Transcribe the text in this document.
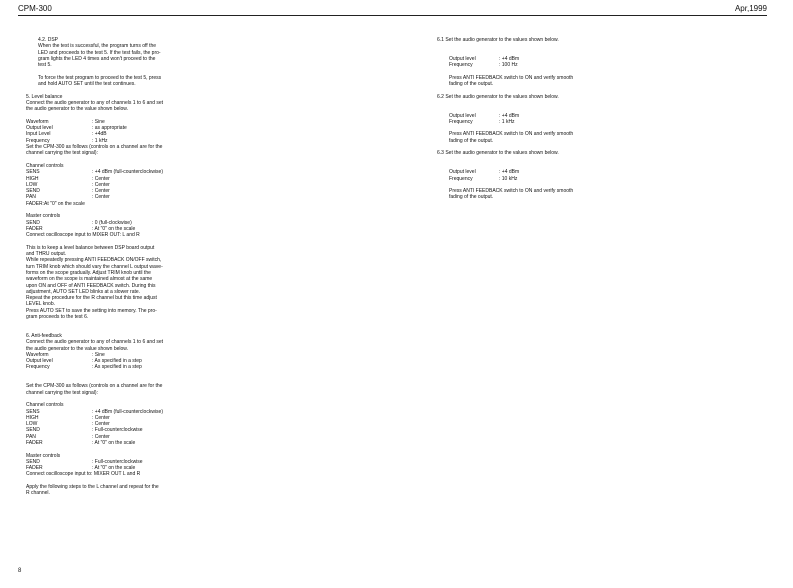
CPM-300	Apr,1999
4.2. DSP
When the test is successful, the program turns off the
LED and proceeds to the test 5. If the test fails, the pro-
gram lights the LED 4 times and won't proceed to the
test 5.
To force the test program to proceed to the test 5, press
and hold AUTO SET until the test continues.
5. Level balance
Connect the audio generator to any of channels 1 to 6 and set
the audio generator to the value shown below.
Waveform	: Sine
Output level	: as appropriate
Input Level	: +4dB
Frequency	: 1 kHz
Set the CPM-300 as follows (controls on a channel are for the
channel carrying the test signal):
Channel controls
SENS	: +4 dBm (full-counterclockwise)
HIGH	: Center
LOW	: Center
SEND	: Center
PAN	: Center
FADER:At "0" on the scale
Master controls
SEND	: 0 (full-clockwise)
FADER	: At "0" on the scale
Connect oscilloscope input to MIXER OUT: L and R
This is to keep a level balance between DSP board output
and THRU output.
While repeatedly pressing ANTI FEEDBACK ON/OFF switch,
turn TRIM knob which should vary the channel L output wave-
forms on the scope gradually. Adjust TRIM knob until the
waveform on the scope is maintained almost at the same
upon ON and OFF of ANTI FEEDBACK switch. During this
adjustment, AUTO SET LED blinks at a slower rate.
Repeat the procedure for the R channel but this time adjust
LEVEL knob.
Press AUTO SET to save the setting into memory. The pro-
gram proceeds to the test 6.
6. Anti-feedback
Connect the audio generator to any of channels 1 to 6 and set
the audio generator to the value shown below.
Waveform	: Sine
Output level	: As specified in a step
Frequency	: As specified in a step
Set the CPM-300 as follows (controls on a channel are for the
channel carrying the test signal):
Channel controls
SENS	: +4 dBm (full-counterclockwise)
HIGH	: Center
LOW	: Center
SEND	: Full-counterclockwise
PAN	: Center
FADER	: At "0" on the scale
Master controls
SEND	: Full-counterclockwise
FADER	: At "0" on the scale
Connect oscilloscope input to: MIXER OUT L and R
Apply the following steps to the L channel and repeat for the
R channel.
6.1 Set the audio generator to the values shown below.
Output level	: +4 dBm
Frequency	: 100 Hz
Press ANTI FEEDBACK switch to ON and verify smooth
fading of the output.
6.2 Set the audio generator to the values shown below.
Output level	: +4 dBm
Frequency	: 1 kHz
Press ANTI FEEDBACK switch to ON and verify smooth
fading of the output.
6.3 Set the audio generator to the values shown below.
Output level	: +4 dBm
Frequency	: 10 kHz
Press ANTI FEEDBACK switch to ON and verify smooth
fading of the output.
8
